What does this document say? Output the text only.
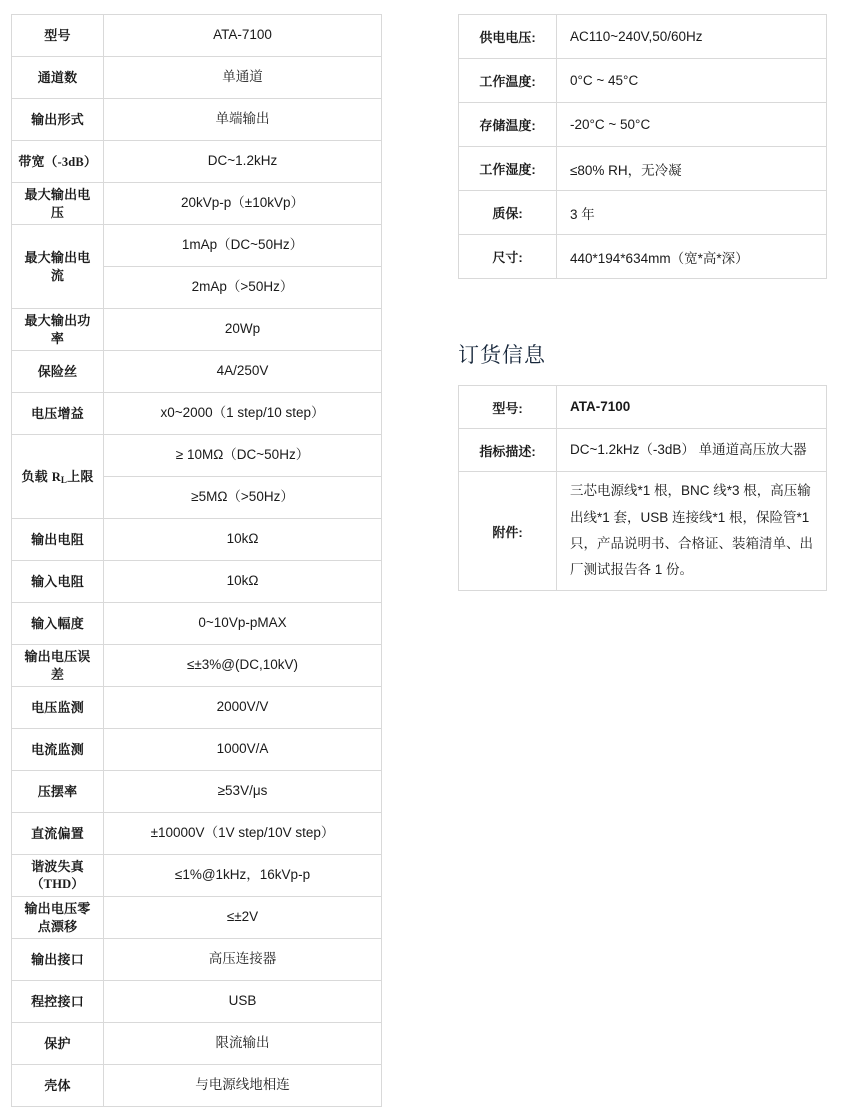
型号	ATA-7100
通道数	单通道
输出形式	单端输出
带宽（-3dB）	DC~1.2kHz
最大输出电压	20kVp-p（±10kVp）
最大输出电流	1mAp（DC~50Hz）
	2mAp（>50Hz）
最大输出功率	20Wp
保险丝	4A/250V
电压增益	x0~2000（1 step/10 step）
负载 $R_L$上限	≥ 10MΩ（DC~50Hz）
	≥5MΩ（>50Hz）
输出电阻	10kΩ
输入电阻	10kΩ
输入幅度	0~10Vp-pMAX
输出电压误差	≤±3%@(DC,10kV)
电压监测	2000V/V
电流监测	1000V/A
压摆率	≥53V/μs
直流偏置	±10000V（1V step/10V step）
谐波失真（THD）	≤1%@1kHz，16kVp-p
输出电压零点漂移	≤±2V
输出接口	高压连接器
程控接口	USB
保护	限流输出
壳体	与电源线地相连
供电电压:	AC110~240V,50/60Hz
工作温度:	0°C ~ 45°C
存储温度:	-20°C ~ 50°C
工作湿度:	≤80% RH，无冷凝
质保:	3 年
尺寸:	440*194*634mm（宽*高*深）
订货信息
型号:	ATA-7100
指标描述:	DC~1.2kHz（-3dB） 单通道高压放大器
附件:	三芯电源线*1 根，BNC 线*3 根，高压输出线*1 套，USB 连接线*1 根，保险管*1 只，产品说明书、合格证、装箱清单、出厂测试报告各 1 份。
